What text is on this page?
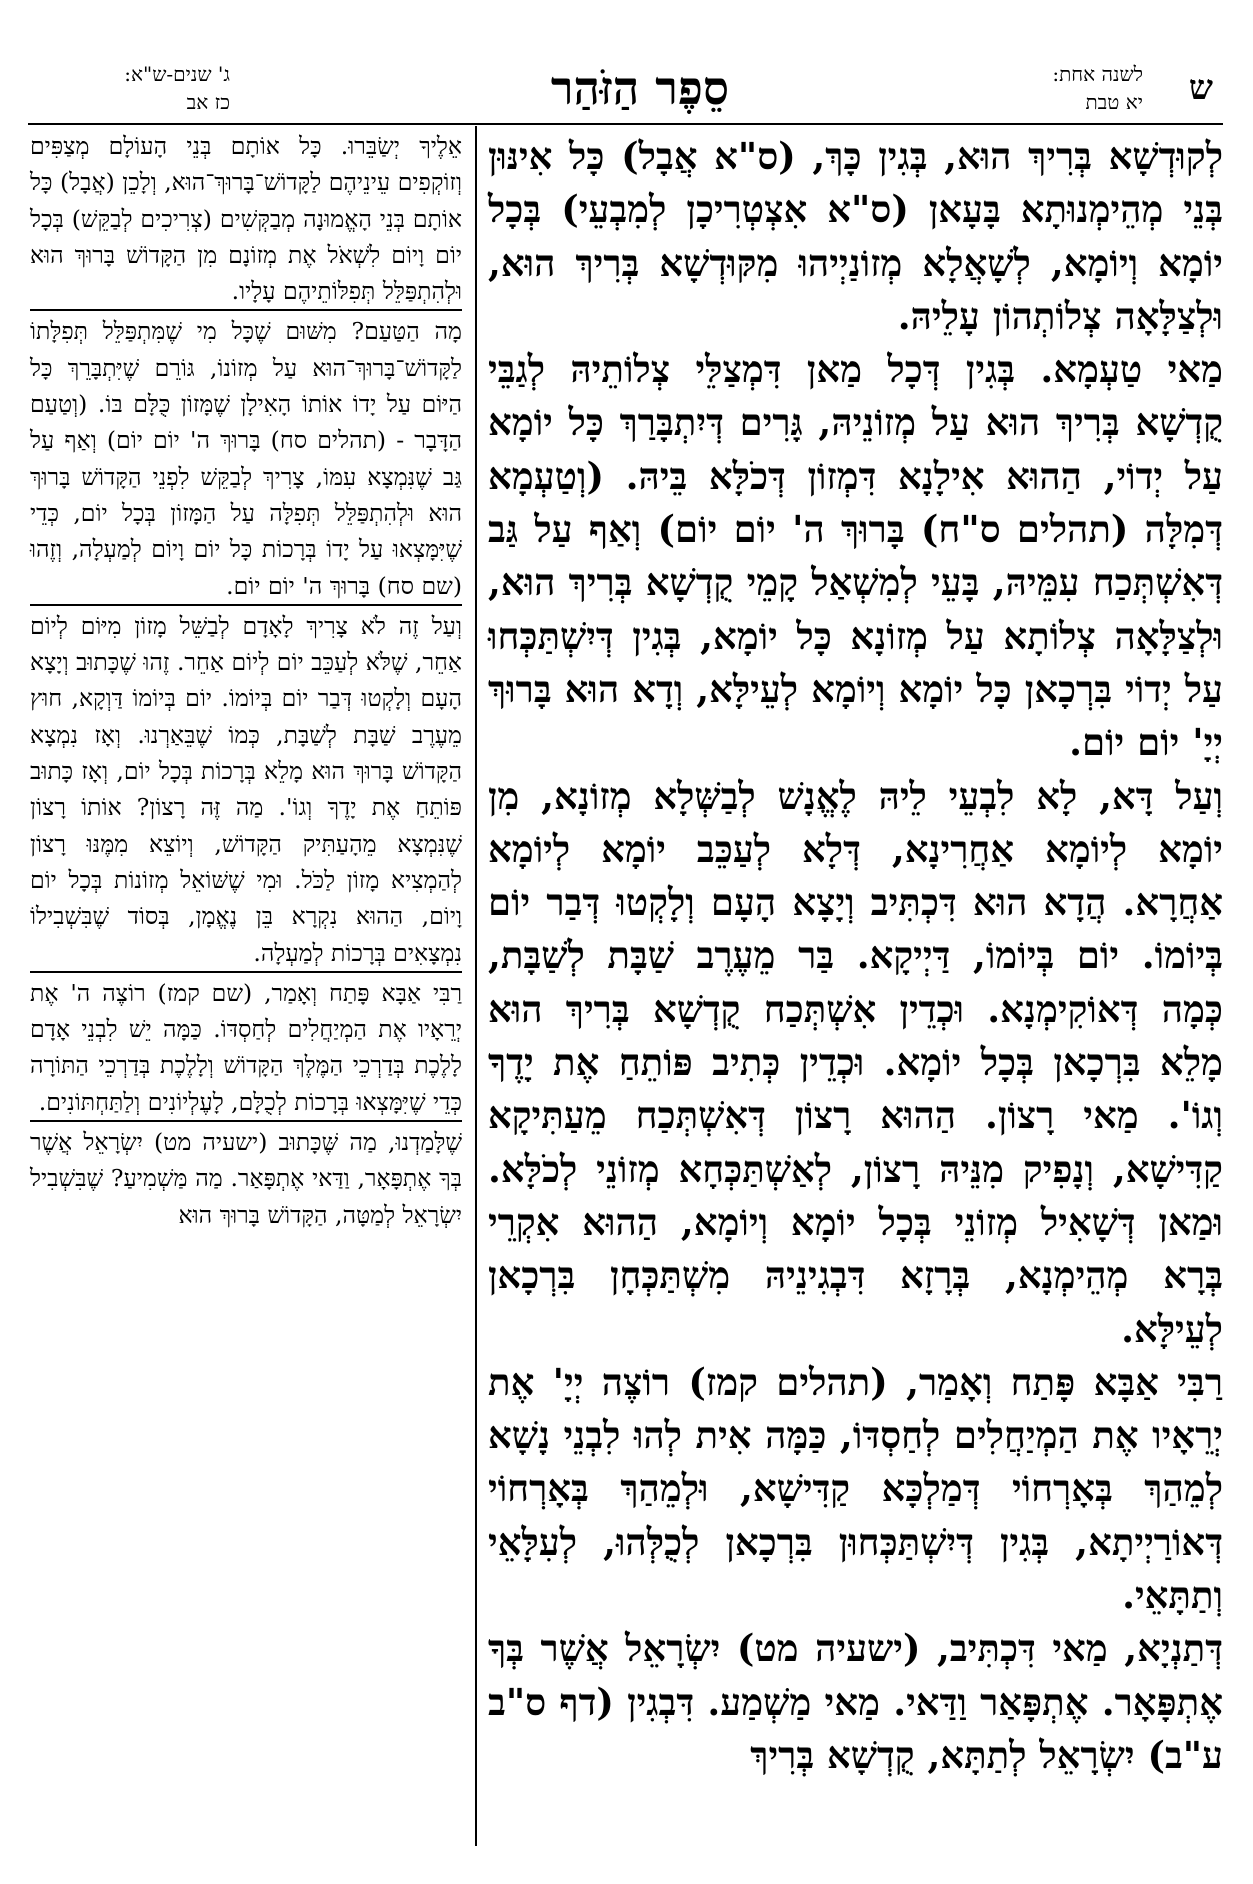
ש
לשנה אחת:
יא טבת
סֵפֶר הַזֹּהַר
ג' שנים-ש"א:
כז אב

לְקוּדְשָׁא בְּרִיךְ הוּא, בְּגִין כָּךְ, (ס"א אֲבָל) כָּל אִינּוּן בְּנֵי מְהֵימְנוּתָא בָּעָאן (ס"א אִצְטְרִיכָן לְמִבְעֵי) בְּכָל יוֹמָא וְיוֹמָא, לְשָׁאֲלָא מְזוֹנַיְיהוּ מִקּוּדְשָׁא בְּרִיךְ הוּא, וּלְצַלָּאָה צְלוֹתְהוֹן עָלֵיהּ.

מַאי טַעְמָא. בְּגִין דְּכָל מַאן דִּמְצַלֵּי צְלוֹתֵיהּ לְגַבֵּי קֻדְשָׁא בְּרִיךְ הוּא עַל מְזוֹנֵיהּ, גָּרִים דְּיִתְבָּרַךְ כָּל יוֹמָא עַל יְדוֹי, הַהוּא אִילָנָא דִּמְזוֹן דְּכֹלָּא בֵּיהּ. (וְטַעְמָא דְּמִלָּה (תהלים ס"ח) בָּרוּךְ ה' יוֹם יוֹם) וְאַף עַל גַּב דְּאִשְׁתְּכַח עִמֵּיהּ, בָּעֵי לְמִשְׁאַל קָמֵי קֻדְשָׁא בְּרִיךְ הוּא, וּלְצַלָּאָה צְלוֹתָא עַל מְזוֹנָא כָּל יוֹמָא, בְּגִין דְּיִשְׁתַּכְּחוּ עַל יְדוֹי בִּרְכָאן כָּל יוֹמָא וְיוֹמָא לְעֵילָּא, וְדָא הוּא בָּרוּךְ יְיָ' יוֹם יוֹם.

וְעַל דָּא, לָא לִבְעֵי לֵיהּ לֶאֱנָשׁ לְבַשְּׁלָא מְזוֹנָא, מִן יוֹמָא לְיוֹמָא אַחֲרִינָא, דְּלָא לְעַכֵּב יוֹמָא לְיוֹמָא אַחֲרָא. הֲדָא הוּא דִּכְתִּיב וְיָצָא הָעָם וְלָקְטוּ דְּבַר יוֹם בְּיוֹמוֹ. יוֹם בְּיוֹמוֹ, דַּיְיקָא. בַּר מֵעֶרֶב שַׁבָּת לְשַׁבָּת, כְּמָה דְּאוֹקִימְנָא. וּכְדֵין אִשְׁתְּכַח קֻדְשָׁא בְּרִיךְ הוּא מָלֵא בִּרְכָאן בְּכָל יוֹמָא. וּכְדֵין כְּתִיב פּוֹתֵחַ אֶת יָדֶךָ וְגוֹ'. מַאי רָצוֹן. הַהוּא רָצוֹן דְּאִשְׁתְּכַח מֵעַתִּיקָא קַדִּישָׁא, וְנָפִיק מִנֵּיהּ רָצוֹן, לְאַשְׁתַּכְּחָא מְזוֹנֵי לְכֹלָּא. וּמַאן דְּשָׁאִיל מְזוֹנֵי בְּכָל יוֹמָא וְיוֹמָא, הַהוּא אִקְרֵי בְּרָא מְהֵימְנָא, בְּרָזָא דִּבְגִינֵיהּ מִשְׁתַּכְּחָן בִּרְכָאן לְעֵילָּא.

רַבִּי אַבָּא פָּתַח וְאָמַר, (תהלים קמז) רוֹצֶה יְיָ' אֶת יְרֵאָיו אֶת הַמְיַחֲלִים לְחַסְדּוֹ, כַּמָּה אִית לְהוּ לִבְנֵי נָשָׁא לְמֵהַךְ בְּאָרְחוֹי דְּמַלְכָּא קַדִּישָׁא, וּלְמֵהַךְ בְּאָרְחוֹי דְּאוֹרַיְיתָא, בְּגִין דְּיִשְׁתַּכְּחוּן בִּרְכָאן לְכֻלְּהוּ, לְעִלָּאֵי וְתַתָּאֵי.

דְּתַנְיָא, מַאי דִּכְתִּיב, (ישעיה מט) יִשְׂרָאֵל אֲשֶׁר בְּךָ אֶתְפָּאָר. אֶתְפָּאַר וַדַּאי. מַאי מַשְׁמַע. דִּבְגִין (דף ס"ב ע"ב) יִשְׂרָאֵל לְתַתָּא, קֻדְשָׁא בְּרִיךְ

אֵלֶיךָ יְשַׂבֵּרוּ. כָּל אוֹתָם בְּנֵי הָעוֹלָם מְצַפִּים וְזוֹקְפִים עֵינֵיהֶם לַקָּדוֹשׁ־בָּרוּךְ־הוּא, וְלָכֵן (אֲבָל) כָּל אוֹתָם בְּנֵי הָאֱמוּנָה מְבַקְּשִׁים (צְרִיכִים לְבַקֵּשׁ) בְּכָל יוֹם וָיוֹם לִשְׁאֹל אֶת מְזוֹנָם מִן הַקָּדוֹשׁ בָּרוּךְ הוּא וּלְהִתְפַּלֵּל תְּפִלּוֹתֵיהֶם עָלָיו.

מָה הַטַּעַם? מִשּׁוּם שֶׁכָּל מִי שֶׁמִּתְפַּלֵּל תְּפִלָּתוֹ לַקָּדוֹשׁ־בָּרוּךְ־הוּא עַל מְזוֹנוֹ, גּוֹרֵם שֶׁיִּתְבָּרֵךְ כָּל הַיּוֹם עַל יָדוֹ אוֹתוֹ הָאִילָן שֶׁמָּזוֹן כֻּלָּם בּוֹ. (וְטַעַם הַדָּבָר - (תהלים סח) בָּרוּךְ ה' יוֹם יוֹם) וְאַף עַל גַּב שֶׁנִּמְצָא עִמּוֹ, צָרִיךְ לְבַקֵּשׁ לִפְנֵי הַקָּדוֹשׁ בָּרוּךְ הוּא וּלְהִתְפַּלֵּל תְּפִלָּה עַל הַמָּזוֹן בְּכָל יוֹם, כְּדֵי שֶׁיִּמָּצְאוּ עַל יָדוֹ בְּרָכוֹת כָּל יוֹם וָיוֹם לְמַעְלָה, וְזֶהוּ (שם סח) בָּרוּךְ ה' יוֹם יוֹם.

וְעַל זֶה לֹא צָרִיךְ לָאָדָם לְבַשֵּׁל מָזוֹן מִיּוֹם לְיוֹם אַחֵר, שֶׁלֹּא לְעַכֵּב יוֹם לְיוֹם אַחֵר. זֶהוּ שֶׁכָּתוּב וְיָצָא הָעָם וְלָקְטוּ דְּבַר יוֹם בְּיוֹמוֹ. יוֹם בְּיוֹמוֹ דַּוְקָא, חוּץ מֵעֶרֶב שַׁבָּת לְשַׁבָּת, כְּמוֹ שֶׁבֵּאַרְנוּ. וְאָז נִמְצָא הַקָּדוֹשׁ בָּרוּךְ הוּא מָלֵא בְּרָכוֹת בְּכָל יוֹם, וְאָז כָּתוּב פּוֹתֵחַ אֶת יָדֶךָ וְגוֹ'. מַה זֶּה רָצוֹן? אוֹתוֹ רָצוֹן שֶׁנִּמְצָא מֵהָעַתִּיק הַקָּדוֹשׁ, וְיוֹצֵא מִמֶּנּוּ רָצוֹן לְהַמְצִיא מָזוֹן לַכֹּל. וּמִי שֶׁשּׁוֹאֵל מְזוֹנוֹת בְּכָל יוֹם וָיוֹם, הַהוּא נִקְרָא בֵּן נֶאֱמָן, בְּסוֹד שֶׁבִּשְׁבִילוֹ נִמְצָאִים בְּרָכוֹת לְמַעְלָה.

רַבִּי אַבָּא פָּתַח וְאָמַר, (שם קמז) רוֹצֶה ה' אֶת יְרֵאָיו אֶת הַמְיַחֲלִים לְחַסְדּוֹ. כַּמָּה יֵשׁ לִבְנֵי אָדָם לָלֶכֶת בְּדַרְכֵי הַמֶּלֶךְ הַקָּדוֹשׁ וְלָלֶכֶת בְּדַרְכֵי הַתּוֹרָה כְּדֵי שֶׁיִּמָּצְאוּ בְּרָכוֹת לְכֻלָּם, לָעֶלְיוֹנִים וְלַתַּחְתּוֹנִים.

שֶׁלָּמַדְנוּ, מַה שֶּׁכָּתוּב (ישעיה מט) יִשְׂרָאֵל אֲשֶׁר בְּךָ אֶתְפָּאָר, וַדַּאי אֶתְפָּאַר. מַה מַּשְׁמִיעַ? שֶׁבִּשְׁבִיל יִשְׂרָאֵל לְמַטָּה, הַקָּדוֹשׁ בָּרוּךְ הוּא
